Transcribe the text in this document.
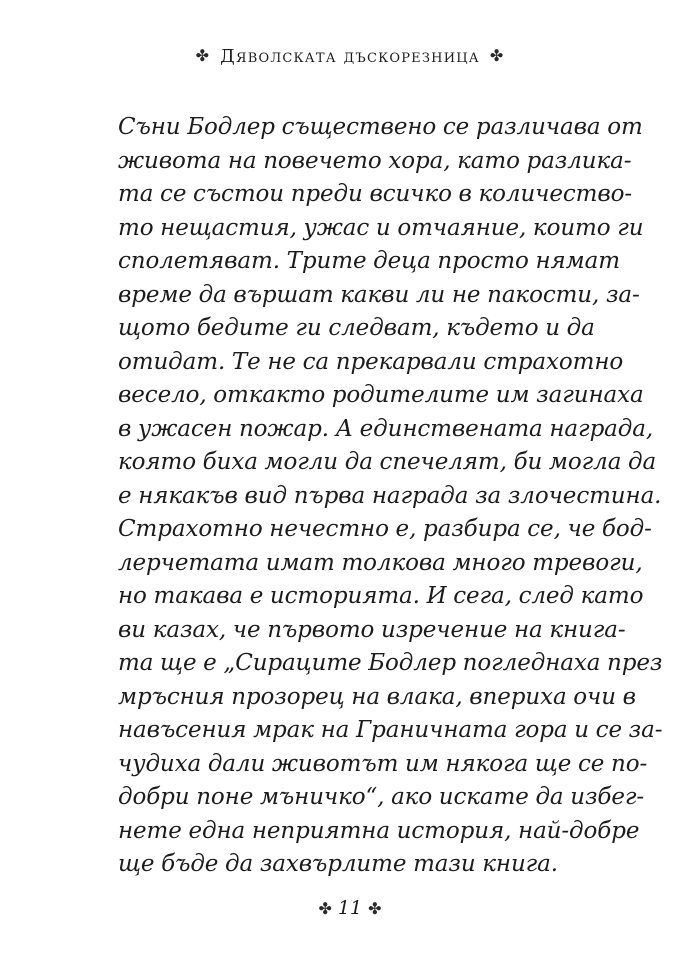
✤ Дяволската дъскорезница ✤
Съни Бодлер съществено се различава от
живота на повечето хора, като разлика-
та се състои преди всичко в количество-
то нещастия, ужас и отчаяние, които ги
сполетяват. Трите деца просто нямат
време да вършат какви ли не пакости, за-
щото бедите ги следват, където и да
отидат. Те не са прекарвали страхотно
весело, откакто родителите им загинаха
в ужасен пожар. А единствената награда,
която биха могли да спечелят, би могла да
е някакъв вид първа награда за злочестина.
Страхотно нечестно е, разбира се, че бод-
лерчетата имат толкова много тревоги,
но такава е историята. И сега, след като
ви казах, че първото изречение на книга-
та ще е „Сираците Бодлер погледнаха през
мръсния прозорец на влака, впериха очи в
навъсения мрак на Граничната гора и се за-
чудиха дали животът им някога ще се по-
добри поне мъничко“, ако искате да избег-
нете една неприятна история, най-добре
ще бъде да захвърлите тази книга.
✤ 11 ✤
